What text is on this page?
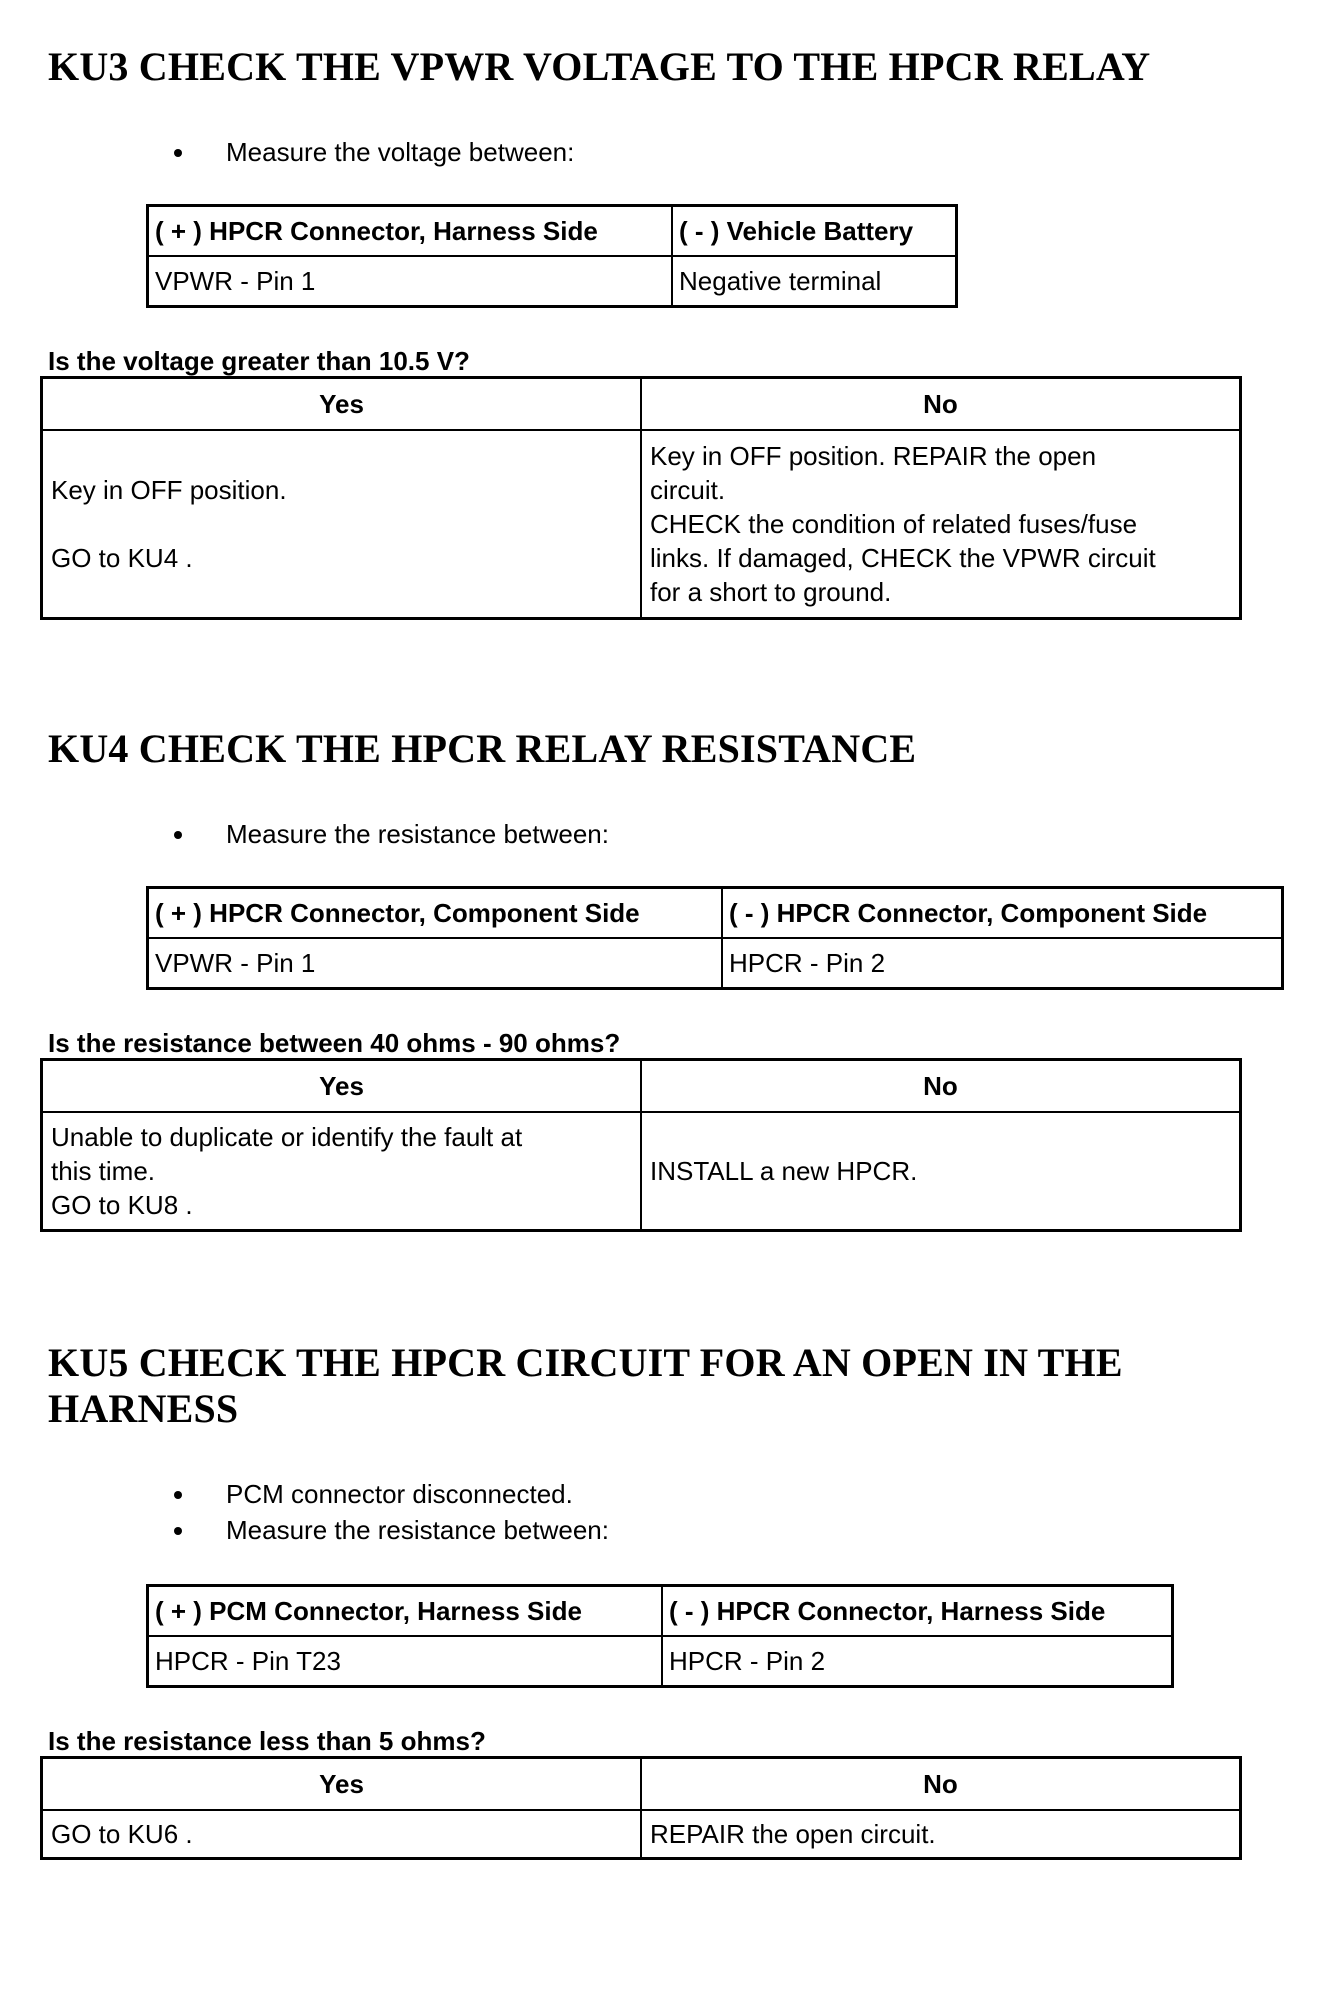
KU3 CHECK THE VPWR VOLTAGE TO THE HPCR RELAY
Measure the voltage between:
( + ) HPCR Connector, Harness Side	( - ) Vehicle Battery
VPWR - Pin 1	Negative terminal

Is the voltage greater than 10.5 V?

Yes	No

Key in OFF position.
GO to KU4 .	Key in OFF position. REPAIR the open
circuit.
CHECK the condition of related fuses/fuse
links. If damaged, CHECK the VPWR circuit
for a short to ground.
KU4 CHECK THE HPCR RELAY RESISTANCE
Measure the resistance between:
( + ) HPCR Connector, Component Side	( - ) HPCR Connector, Component Side
VPWR - Pin 1	HPCR - Pin 2

Is the resistance between 40 ohms - 90 ohms?

Yes	No

Unable to duplicate or identify the fault at
this time.
GO to KU8 .	INSTALL a new HPCR.
KU5 CHECK THE HPCR CIRCUIT FOR AN OPEN IN THE
HARNESS
PCM connector disconnected.
Measure the resistance between:
( + ) PCM Connector, Harness Side	( - ) HPCR Connector, Harness Side
HPCR - Pin T23	HPCR - Pin 2

Is the resistance less than 5 ohms?

Yes	No

GO to KU6 .	REPAIR the open circuit.
